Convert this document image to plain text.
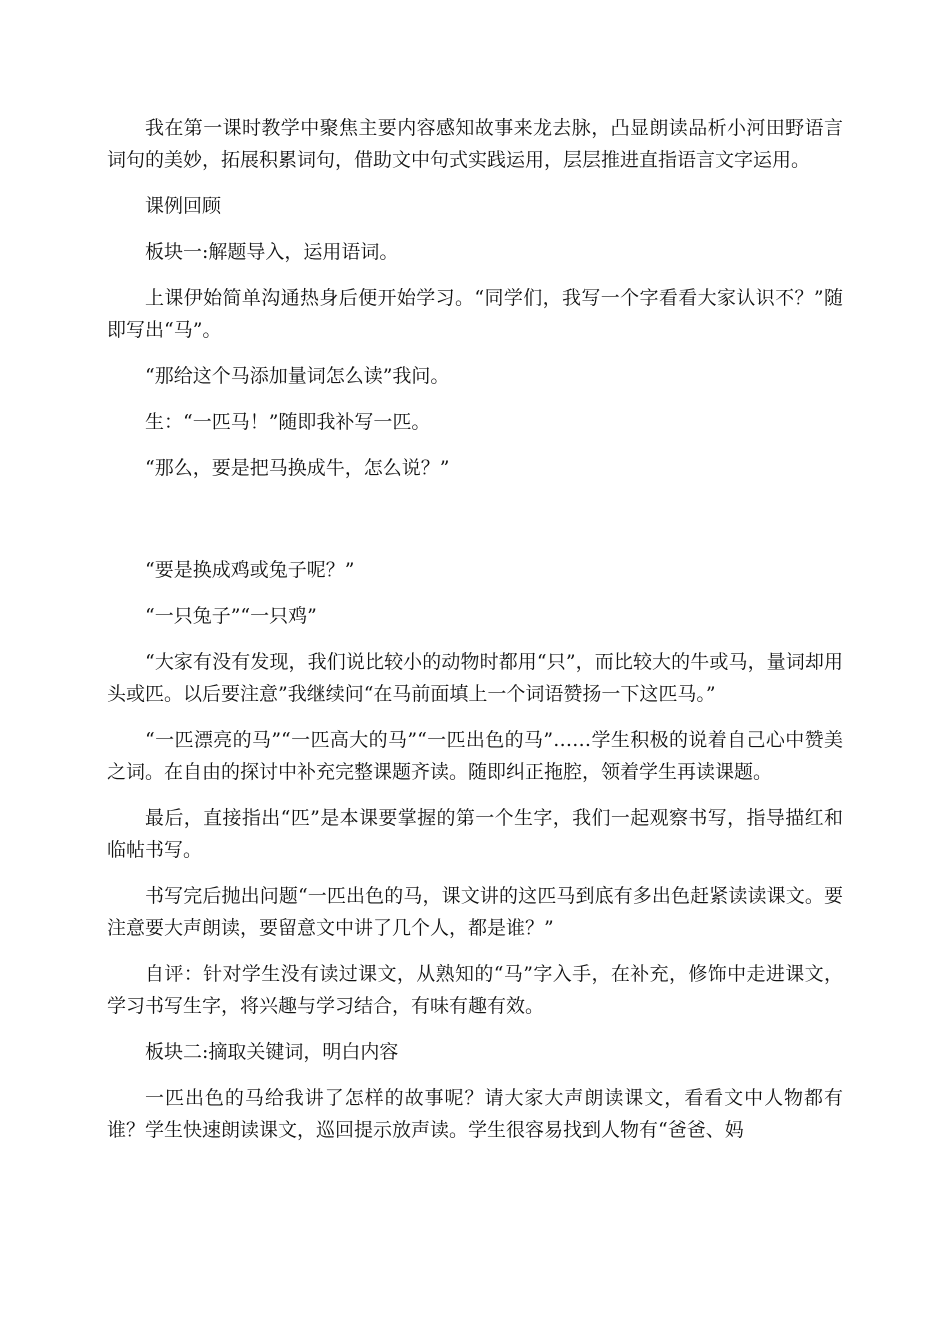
我在第一课时教学中聚焦主要内容感知故事来龙去脉，凸显朗读品析小河田野语言词句的美妙，拓展积累词句，借助文中句式实践运用，层层推进直指语言文字运用。

课例回顾

板块一:解题导入，运用语词。

上课伊始简单沟通热身后便开始学习。“同学们，我写一个字看看大家认识不？”随即写出“马”。

“那给这个马添加量词怎么读”我问。

生：“一匹马！”随即我补写一匹。

“那么，要是把马换成牛，怎么说？”

“要是换成鸡或兔子呢？”

“一只兔子”“一只鸡”

“大家有没有发现，我们说比较小的动物时都用“只”，而比较大的牛或马，量词却用头或匹。以后要注意”我继续问“在马前面填上一个词语赞扬一下这匹马。”

“一匹漂亮的马”“一匹高大的马”“一匹出色的马”……学生积极的说着自己心中赞美之词。在自由的探讨中补充完整课题齐读。随即纠正拖腔，领着学生再读课题。

最后，直接指出“匹”是本课要掌握的第一个生字，我们一起观察书写，指导描红和临帖书写。

书写完后抛出问题“一匹出色的马，课文讲的这匹马到底有多出色赶紧读读课文。要注意要大声朗读，要留意文中讲了几个人，都是谁？”

自评：针对学生没有读过课文，从熟知的“马”字入手，在补充，修饰中走进课文，学习书写生字，将兴趣与学习结合，有味有趣有效。

板块二:摘取关键词，明白内容

一匹出色的马给我讲了怎样的故事呢？请大家大声朗读课文，看看文中人物都有谁？学生快速朗读课文，巡回提示放声读。学生很容易找到人物有“爸爸、妈
